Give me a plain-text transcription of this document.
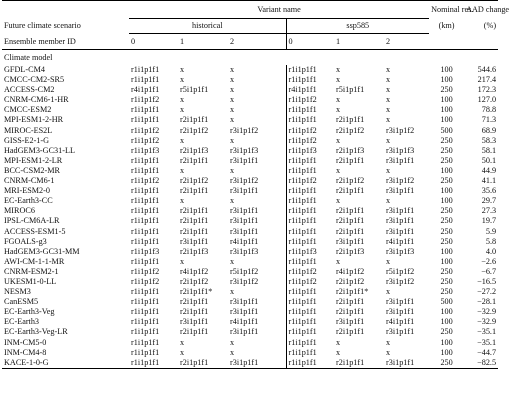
	Variant name						Nominal res.	AAD change
Future climate scenario	historical			ssp585			(km)	(%)
Ensemble member ID	0	1	2	0	1	2		
Climate model								
GFDL-CM4	r1i1p1f1	x	x	r1i1p1f1	x	x	100	544.6
CMCC-CM2-SR5	r1i1p1f1	x	x	r1i1p1f1	x	x	100	217.4
ACCESS-CM2	r4i1p1f1	r5i1p1f1	x	r4i1p1f1	r5i1p1f1	x	250	172.3
CNRM-CM6-1-HR	r1i1p1f2	x	x	r1i1p1f2	x	x	100	127.0
CMCC-ESM2	r1i1p1f1	x	x	r1i1p1f1	x	x	100	78.8
MPI-ESM1-2-HR	r1i1p1f1	r2i1p1f1	x	r1i1p1f1	r2i1p1f1	x	100	71.3
MIROC-ES2L	r1i1p1f2	r2i1p1f2	r3i1p1f2	r1i1p1f2	r2i1p1f2	r3i1p1f2	500	68.9
GISS-E2-1-G	r1i1p1f2	x	x	r1i1p1f2	x	x	250	58.3
HadGEM3-GC31-LL	r1i1p1f3	r2i1p1f3	r3i1p1f3	r1i1p1f3	r2i1p1f3	r3i1p1f3	250	58.1
MPI-ESM1-2-LR	r1i1p1f1	r2i1p1f1	r3i1p1f1	r1i1p1f1	r2i1p1f1	r3i1p1f1	250	50.1
BCC-CSM2-MR	r1i1p1f1	x	x	r1i1p1f1	x	x	100	44.9
CNRM-CM6-1	r1i1p1f2	r2i1p1f2	r3i1p1f2	r1i1p1f2	r2i1p1f2	r3i1p1f2	250	41.1
MRI-ESM2-0	r1i1p1f1	r2i1p1f1	r3i1p1f1	r1i1p1f1	r2i1p1f1	r3i1p1f1	100	35.6
EC-Earth3-CC	r1i1p1f1	x	x	r1i1p1f1	x	x	100	29.7
MIROC6	r1i1p1f1	r2i1p1f1	r3i1p1f1	r1i1p1f1	r2i1p1f1	r3i1p1f1	250	27.3
IPSL-CM6A-LR	r1i1p1f1	r2i1p1f1	r3i1p1f1	r1i1p1f1	r2i1p1f1	r3i1p1f1	250	19.7
ACCESS-ESM1-5	r1i1p1f1	r2i1p1f1	r3i1p1f1	r1i1p1f1	r2i1p1f1	r3i1p1f1	250	5.9
FGOALS-g3	r1i1p1f1	r3i1p1f1	r4i1p1f1	r1i1p1f1	r3i1p1f1	r4i1p1f1	250	5.8
HadGEM3-GC31-MM	r1i1p1f3	r2i1p1f3	r3i1p1f3	r1i1p1f3	r2i1p1f3	r3i1p1f3	100	4.0
AWI-CM-1-1-MR	r1i1p1f1	x	x	r1i1p1f1	x	x	100	−2.6
CNRM-ESM2-1	r1i1p1f2	r4i1p1f2	r5i1p1f2	r1i1p1f2	r4i1p1f2	r5i1p1f2	250	−6.7
UKESM1-0-LL	r1i1p1f2	r2i1p1f2	r3i1p1f2	r1i1p1f2	r2i1p1f2	r3i1p1f2	250	−16.5
NESM3	r1i1p1f1	r2i1p1f1*	x	r1i1p1f1	r2i1p1f1*	x	250	−27.2
CanESM5	r1i1p1f1	r2i1p1f1	r3i1p1f1	r1i1p1f1	r2i1p1f1	r3i1p1f1	500	−28.1
EC-Earth3-Veg	r1i1p1f1	r2i1p1f1	r3i1p1f1	r1i1p1f1	r2i1p1f1	r3i1p1f1	100	−32.9
EC-Earth3	r1i1p1f1	r3i1p1f1	r4i1p1f1	r1i1p1f1	r3i1p1f1	r4i1p1f1	100	−32.9
EC-Earth3-Veg-LR	r1i1p1f1	r2i1p1f1	r3i1p1f1	r1i1p1f1	r2i1p1f1	r3i1p1f1	250	−35.1
INM-CM5-0	r1i1p1f1	x	x	r1i1p1f1	x	x	100	−35.1
INM-CM4-8	r1i1p1f1	x	x	r1i1p1f1	x	x	100	−44.7
KACE-1-0-G	r1i1p1f1	r2i1p1f1	r3i1p1f1	r1i1p1f1	r2i1p1f1	r3i1p1f1	250	−82.5
